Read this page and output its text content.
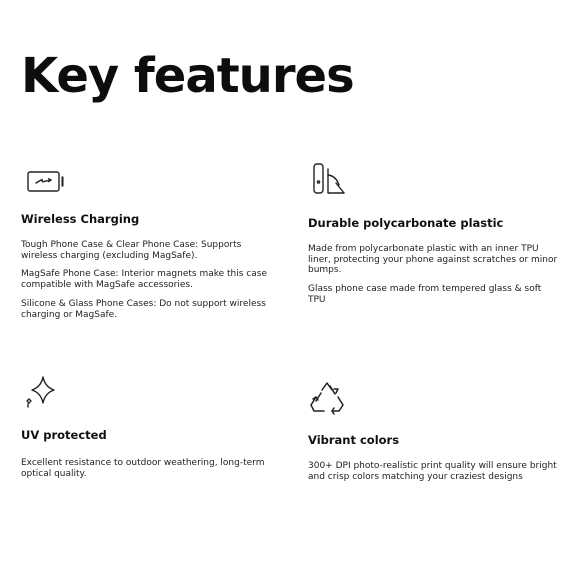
Key features
Wireless Charging

Tough Phone Case & Clear Phone Case: Supports wireless charging (excluding MagSafe).

MagSafe Phone Case: Interior magnets make this case compatible with MagSafe accessories.

Silicone & Glass Phone Cases: Do not support wireless charging or MagSafe.

Durable polycarbonate plastic

Made from polycarbonate plastic with an inner TPU liner, protecting your phone against scratches or minor bumps.

Glass phone case made from tempered glass & soft TPU

UV protected

Excellent resistance to outdoor weathering, long-term optical quality.

Vibrant colors

300+ DPI photo-realistic print quality will ensure bright and crisp colors matching your craziest designs
